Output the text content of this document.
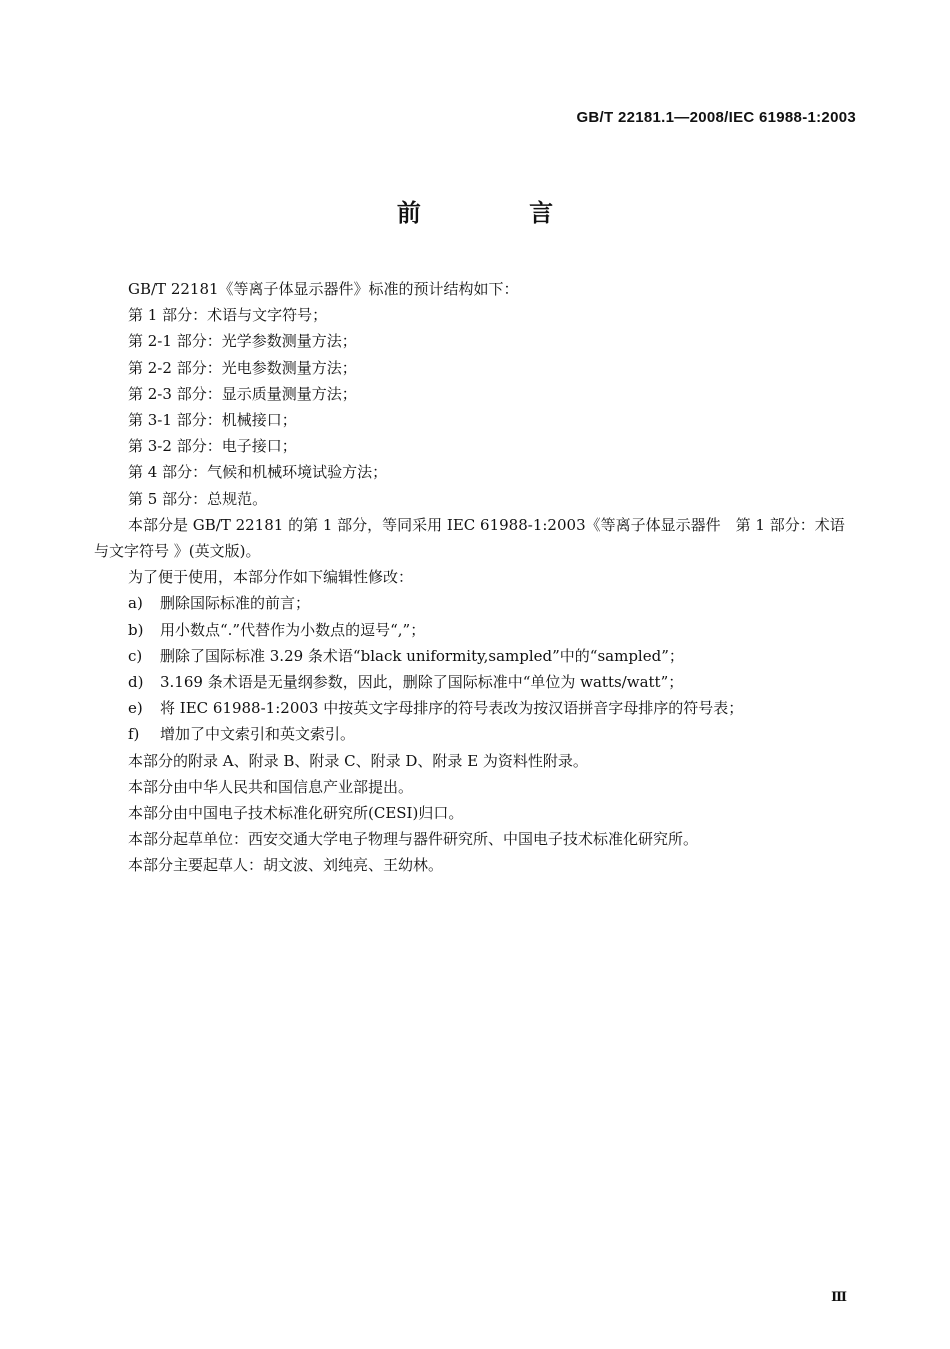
GB/T 22181.1—2008/IEC 61988-1:2003
前 言

GB/T 22181《等离子体显示器件》标准的预计结构如下：

第 1 部分：术语与文字符号；

第 2-1 部分：光学参数测量方法；

第 2-2 部分：光电参数测量方法；

第 2-3 部分：显示质量测量方法；

第 3-1 部分：机械接口；

第 3-2 部分：电子接口；

第 4 部分：气候和机械环境试验方法；

第 5 部分：总规范。

本部分是 GB/T 22181 的第 1 部分，等同采用 IEC 61988-1:2003《等离子体显示器件　第 1 部分：术语与文字符号 》(英文版)。

为了便于使用，本部分作如下编辑性修改：

a) 删除国际标准的前言；

b) 用小数点“.”代替作为小数点的逗号“,”；

c) 删除了国际标准 3.29 条术语“black uniformity,sampled”中的“sampled”；

d) 3.169 条术语是无量纲参数，因此，删除了国际标准中“单位为 watts/watt”；

e) 将 IEC 61988-1:2003 中按英文字母排序的符号表改为按汉语拼音字母排序的符号表；

f) 增加了中文索引和英文索引。

本部分的附录 A、附录 B、附录 C、附录 D、附录 E 为资料性附录。

本部分由中华人民共和国信息产业部提出。

本部分由中国电子技术标准化研究所(CESI)归口。

本部分起草单位：西安交通大学电子物理与器件研究所、中国电子技术标准化研究所。

本部分主要起草人：胡文波、刘纯亮、王幼林。

Ⅲ
